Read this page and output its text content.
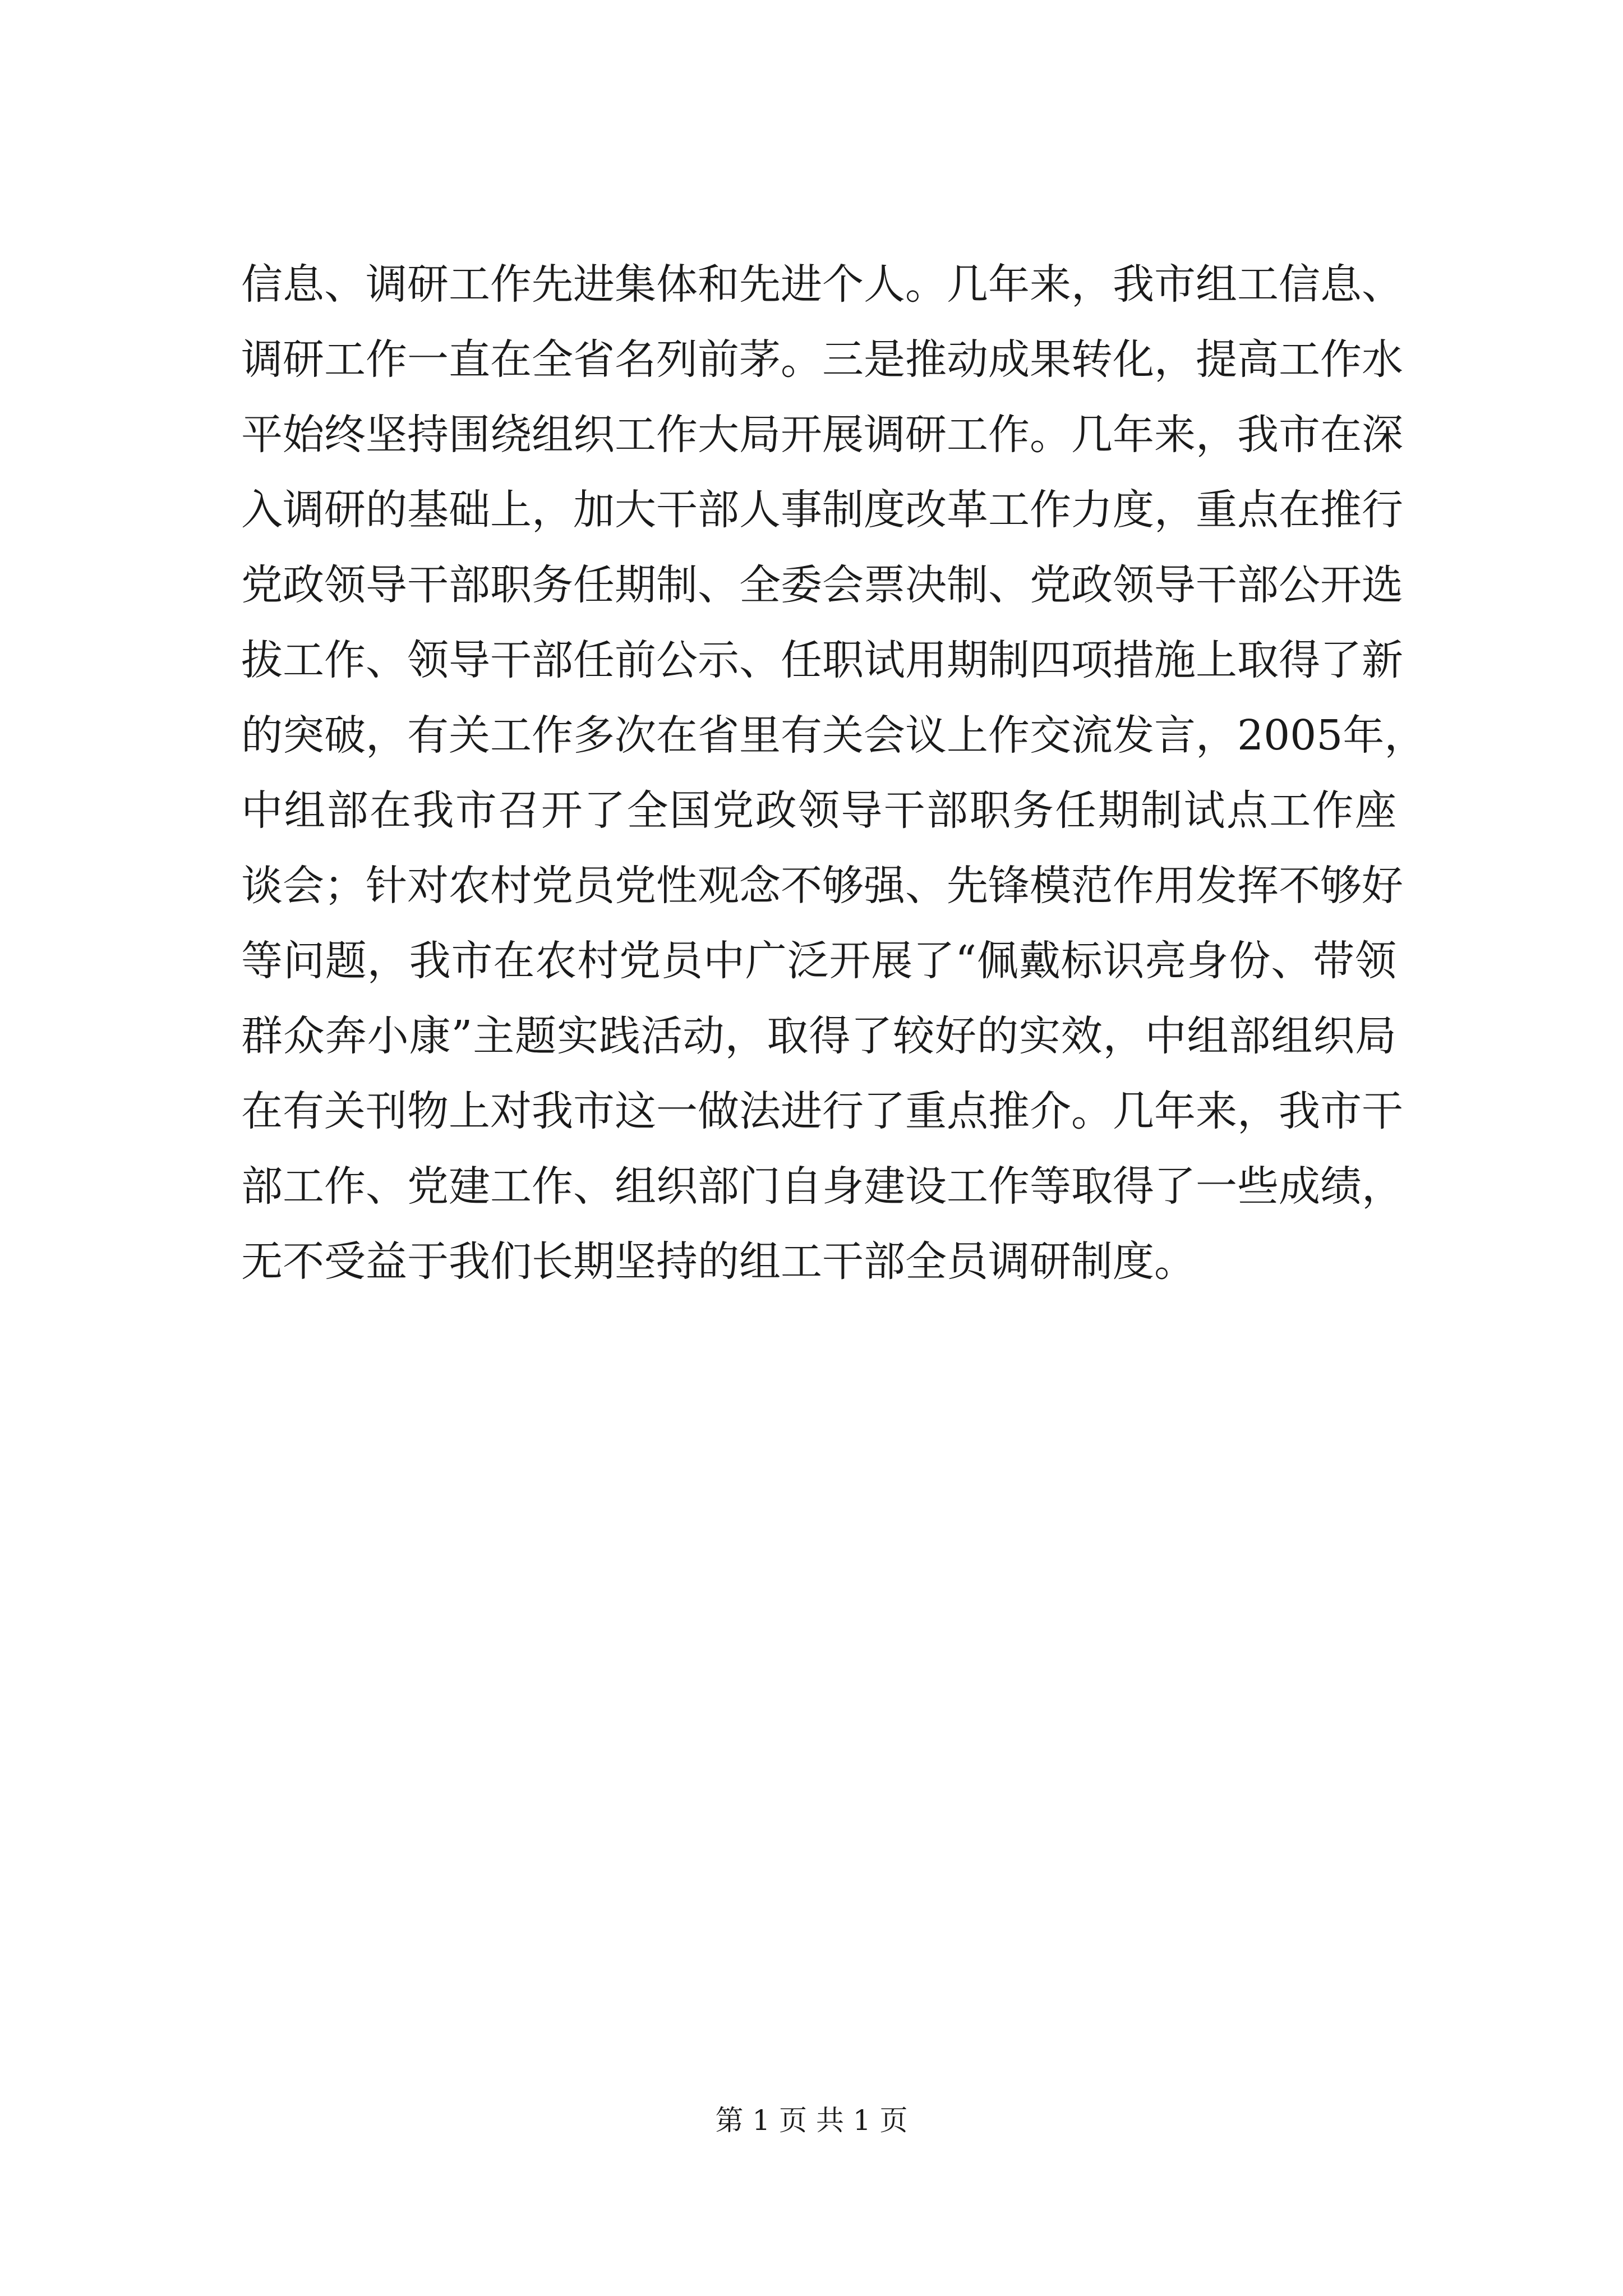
信息、调研工作先进集体和先进个人。几年来，我市组工信息、
调研工作一直在全省名列前茅。三是推动成果转化，提高工作水
平始终坚持围绕组织工作大局开展调研工作。几年来，我市在深
入调研的基础上，加大干部人事制度改革工作力度，重点在推行
党政领导干部职务任期制、全委会票决制、党政领导干部公开选
拔工作、领导干部任前公示、任职试用期制四项措施上取得了新
的突破，有关工作多次在省里有关会议上作交流发言，2005年，
中组部在我市召开了全国党政领导干部职务任期制试点工作座
谈会；针对农村党员党性观念不够强、先锋模范作用发挥不够好
等问题，我市在农村党员中广泛开展了“佩戴标识亮身份、带领
群众奔小康”主题实践活动，取得了较好的实效，中组部组织局
在有关刊物上对我市这一做法进行了重点推介。几年来，我市干
部工作、党建工作、组织部门自身建设工作等取得了一些成绩，
无不受益于我们长期坚持的组工干部全员调研制度。
第 1 页 共 1 页
